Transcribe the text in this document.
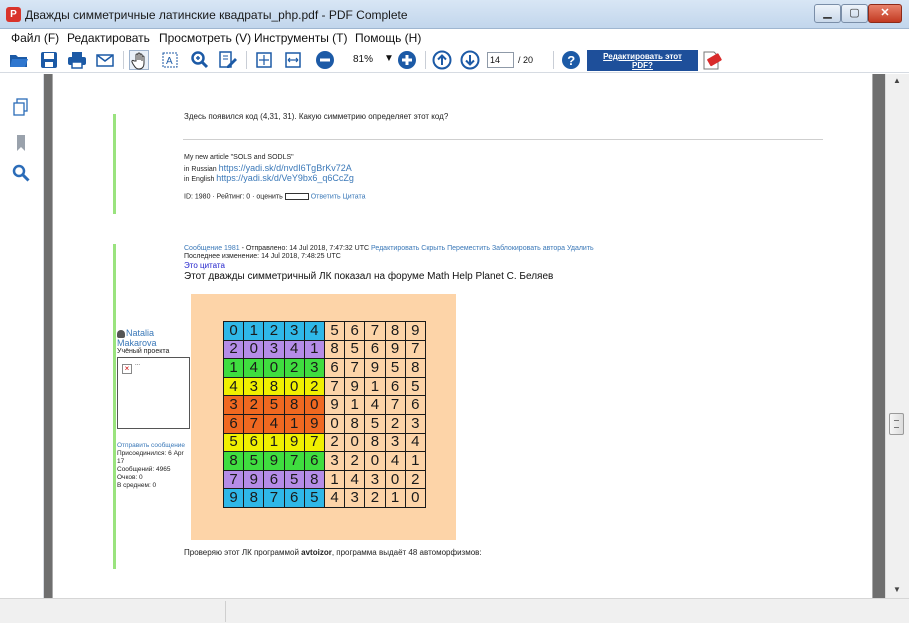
P Дважды симметричные латинские квадраты_php.pdf - PDF Complete	▁	▢	✕
Файл (F) Редактировать Просмотреть (V) Инструменты (T) Помощь (H)
A	81% ▼
14	/ 20	?	Редактировать этот
PDF?
Здесь появился код (4,31, 31). Какую симметрию определяет этот код?
My new article "SOLS and SODLS"
in Russian https://yadi.sk/d/nvdI6TgBrKv72A
in English https://yadi.sk/d/VeY9bx6_q6CcZg
ID: 1980 · Рейтинг: 0 · оценить	Ответить Цитата
Сообщение 1981 - Отправлено: 14 Jul 2018, 7:47:32 UTC Редактировать Скрыть Переместить Заблокировать автора Удалить
Последнее изменение: 14 Jul 2018, 7:48:25 UTC
Это цитата
Этот дважды симметричный ЛК показал на форуме Math Help Planet С. Беляев
Natalia
Makarova
Учёный проекта
× ...
Отправить сообщение
Присоединился: 6 Apr
17
Сообщений: 4965
Очков: 0
В среднем: 0
0	1	2	3	4	5	6	7	8	9
2	0	3	4	1	8	5	6	9	7
1	4	0	2	3	6	7	9	5	8
4	3	8	0	2	7	9	1	6	5
3	2	5	8	0	9	1	4	7	6
6	7	4	1	9	0	8	5	2	3
5	6	1	9	7	2	0	8	3	4
8	5	9	7	6	3	2	0	4	1
7	9	6	5	8	1	4	3	0	2
9	8	7	6	5	4	3	2	1	0
Проверяю этот ЛК программой avtoizor, программа выдаёт 48 автоморфизмов:
▲
▼
